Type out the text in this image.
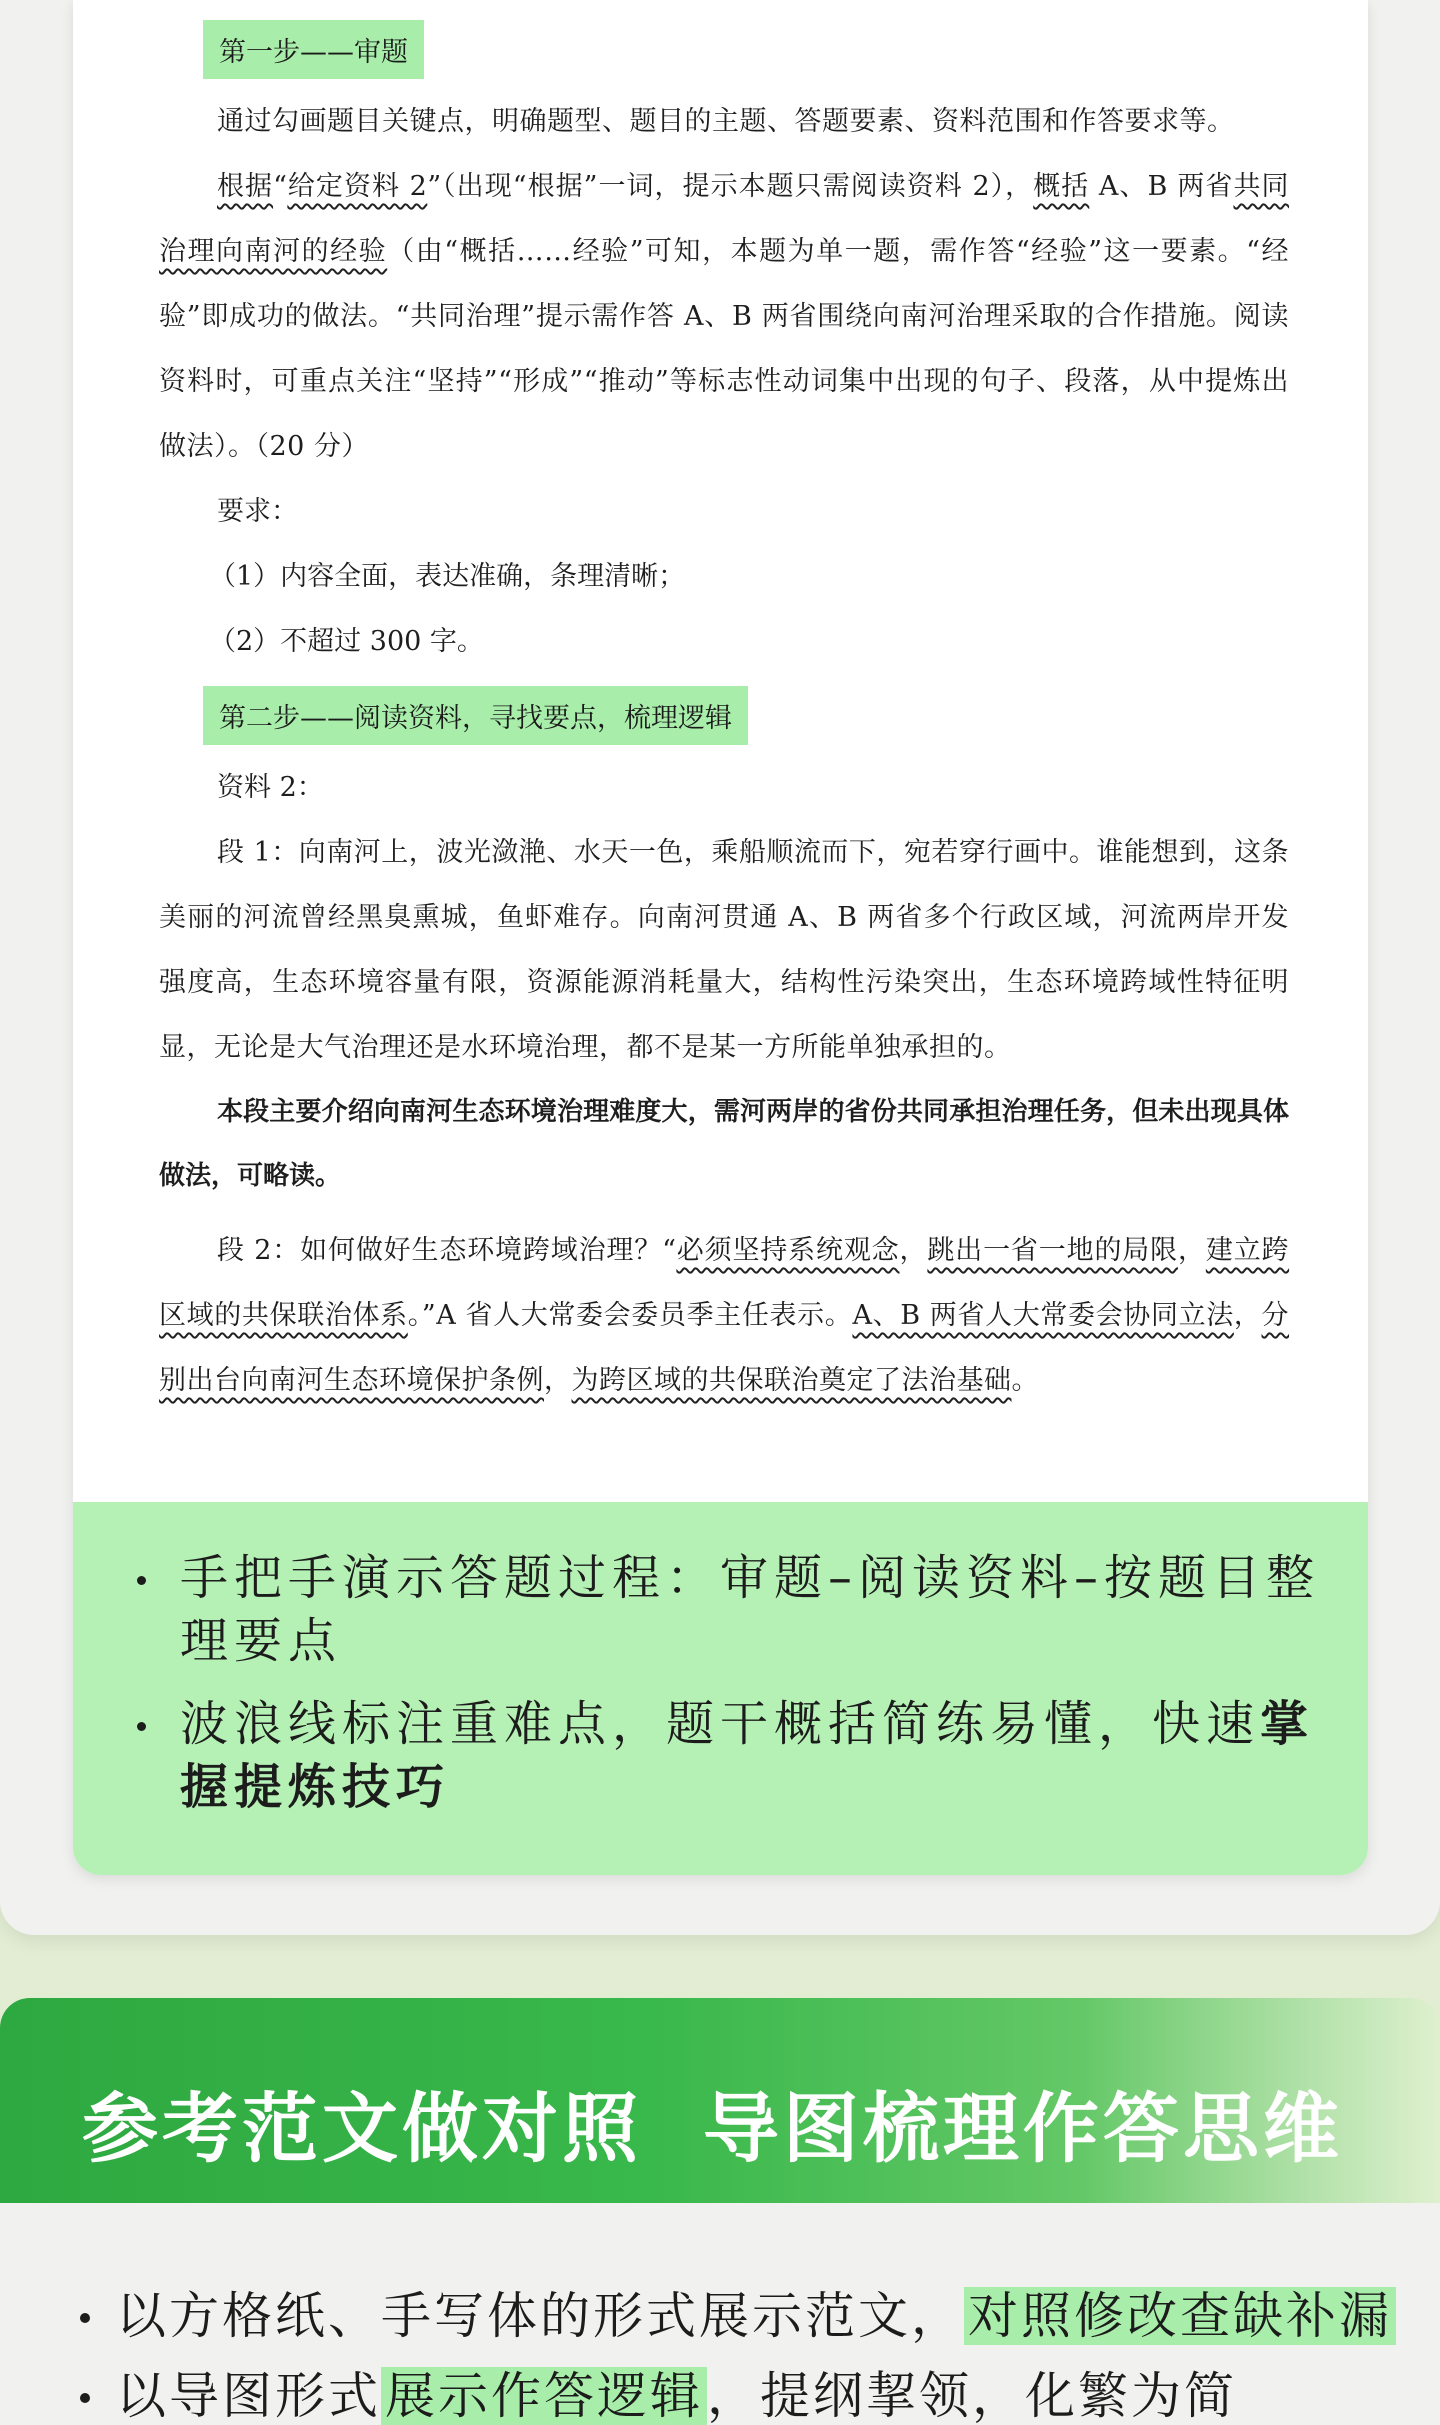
第一步——审题
通过勾画题目关键点，明确题型、题目的主题、答题要素、资料范围和作答要求等。
根据“给定资料 2”（出现“根据”一词，提示本题只需阅读资料 2），概括 A、B 两省共同治理向南河的经验（由“概括……经验”可知，本题为单一题，需作答“经验”这一要素。“经验”即成功的做法。“共同治理”提示需作答 A、B 两省围绕向南河治理采取的合作措施。阅读资料时，可重点关注“坚持”“形成”“推动”等标志性动词集中出现的句子、段落，从中提炼出做法）。（20 分）
要求：
（1）内容全面，表达准确，条理清晰；
（2）不超过 300 字。
第二步——阅读资料，寻找要点，梳理逻辑
资料 2：
段 1：向南河上，波光潋滟、水天一色，乘船顺流而下，宛若穿行画中。谁能想到，这条美丽的河流曾经黑臭熏城，鱼虾难存。向南河贯通 A、B 两省多个行政区域，河流两岸开发强度高，生态环境容量有限，资源能源消耗量大，结构性污染突出，生态环境跨域性特征明显，无论是大气治理还是水环境治理，都不是某一方所能单独承担的。
本段主要介绍向南河生态环境治理难度大，需河两岸的省份共同承担治理任务，但未出现具体做法，可略读。
段 2：如何做好生态环境跨域治理？“必须坚持系统观念，跳出一省一地的局限，建立跨区域的共保联治体系。”A 省人大常委会委员季主任表示。A、B 两省人大常委会协同立法，分别出台向南河生态环境保护条例，为跨区域的共保联治奠定了法治基础。
手把手演示答题过程：审题–阅读资料–按题目整理要点
波浪线标注重难点，题干概括简练易懂，快速掌握提炼技巧
参考范文做对照  导图梳理作答思维
以方格纸、手写体的形式展示范文，对照修改查缺补漏
以导图形式展示作答逻辑，提纲挈领，化繁为简
